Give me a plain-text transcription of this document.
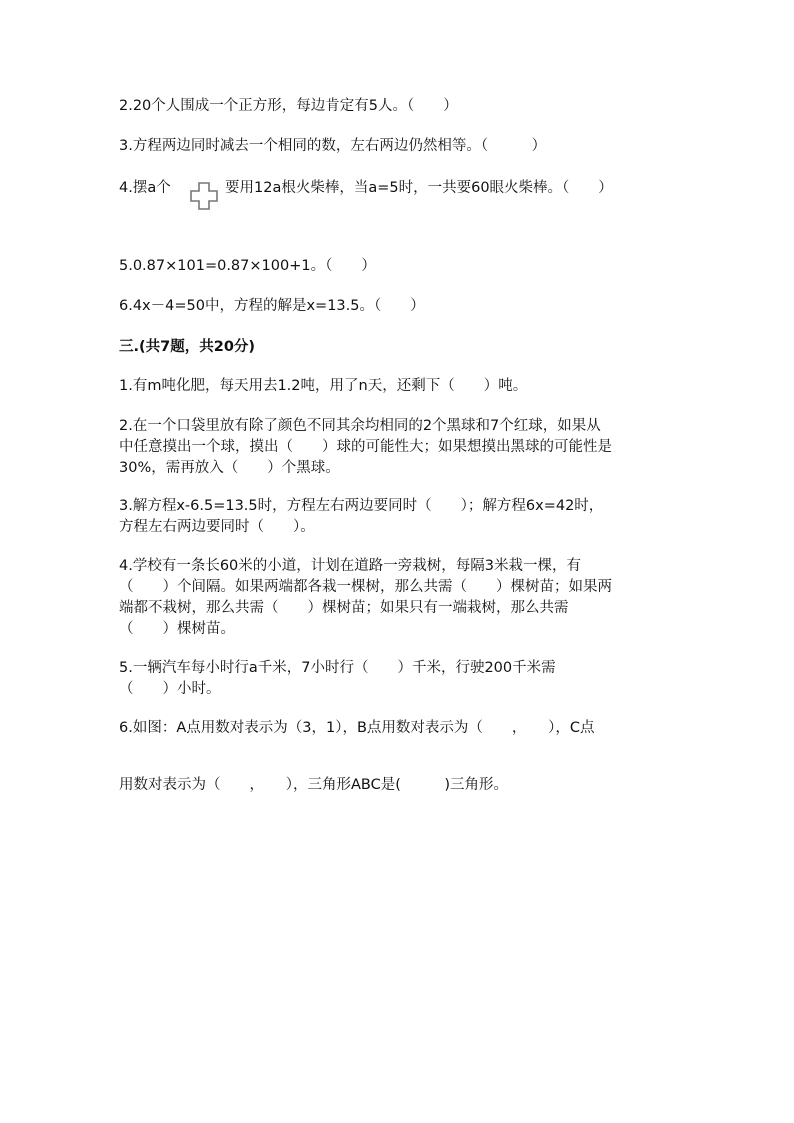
2.20个人围成一个正方形，每边肯定有5人。（　　）
3.方程两边同时减去一个相同的数，左右两边仍然相等。（　　　）
4.摆a个	要用12a根火柴棒，当a=5时，一共要60眼火柴棒。（　　）
5.0.87×101=0.87×100+1。（　　）
6.4x－4=50中，方程的解是x=13.5。（　　）
三.(共7题，共20分)
1.有m吨化肥，每天用去1.2吨，用了n天，还剩下（　　）吨。
2.在一个口袋里放有除了颜色不同其余均相同的2个黑球和7个红球，如果从
中任意摸出一个球，摸出（　　）球的可能性大；如果想摸出黑球的可能性是
30%，需再放入（　　）个黑球。
3.解方程x-6.5=13.5时，方程左右两边要同时（　　）；解方程6x=42时，
方程左右两边要同时（　　）。
4.学校有一条长60米的小道，计划在道路一旁栽树，每隔3米栽一棵，有
（　　）个间隔。如果两端都各栽一棵树，那么共需（　　）棵树苗；如果两
端都不栽树，那么共需（　　）棵树苗；如果只有一端栽树，那么共需
（　　）棵树苗。
5.一辆汽车每小时行a千米，7小时行（　　）千米，行驶200千米需
（　　）小时。
6.如图：A点用数对表示为（3，1），B点用数对表示为（　　，　　），C点
用数对表示为（　　，　　），三角形ABC是(　　　)三角形。
